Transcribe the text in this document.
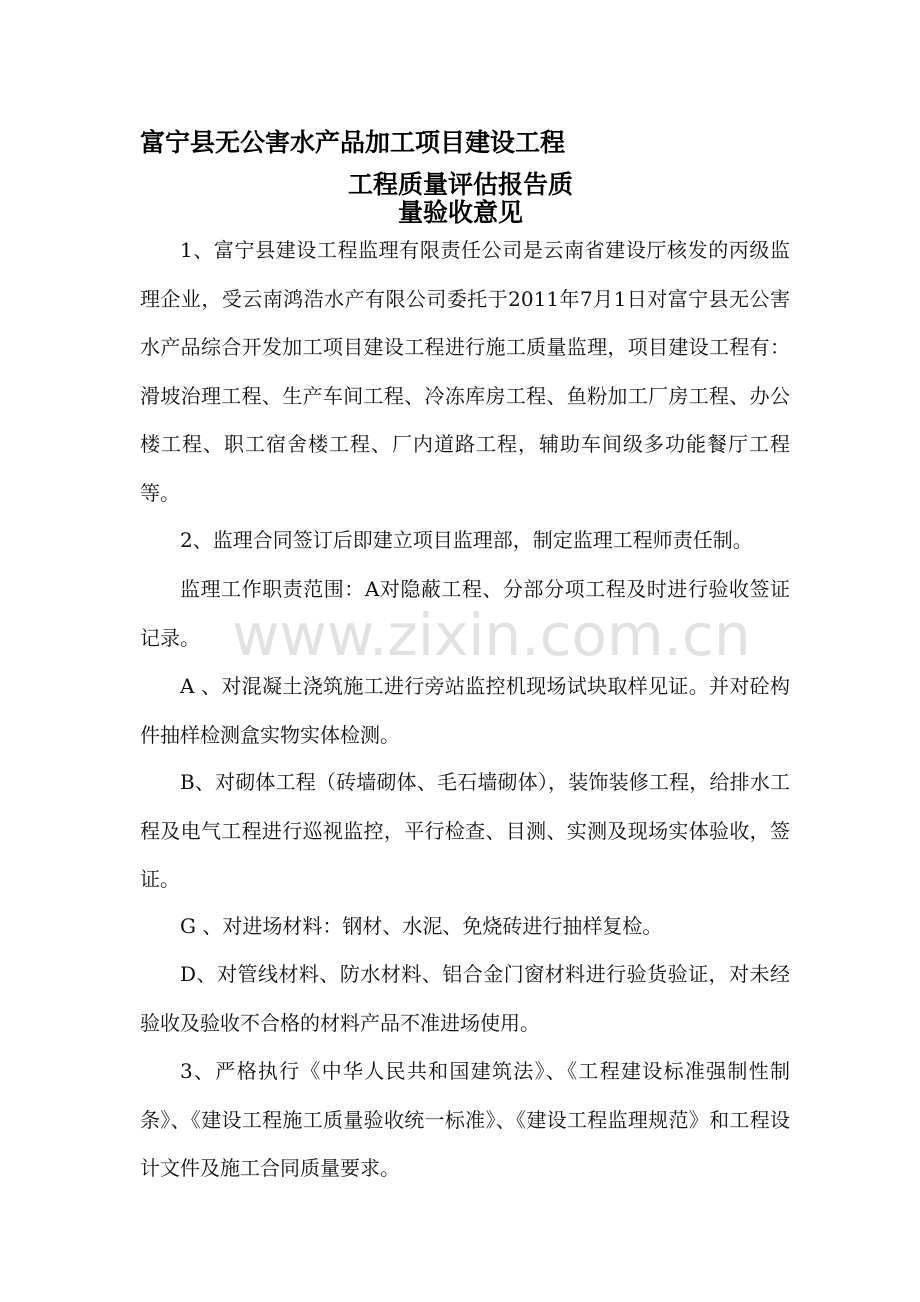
富宁县无公害水产品加工项目建设工程
工程质量评估报告质
量验收意见

1、富宁县建设工程监理有限责任公司是云南省建设厅核发的丙级监理企业，受云南鸿浩水产有限公司委托于2011年7月1日对富宁县无公害水产品综合开发加工项目建设工程进行施工质量监理，项目建设工程有：滑坡治理工程、生产车间工程、冷冻库房工程、鱼粉加工厂房工程、办公楼工程、职工宿舍楼工程、厂内道路工程，辅助车间级多功能餐厅工程等。

2、监理合同签订后即建立项目监理部，制定监理工程师责任制。

监理工作职责范围：A对隐蔽工程、分部分项工程及时进行验收签证记录。

A 、对混凝土浇筑施工进行旁站监控机现场试块取样见证。并对砼构件抽样检测盒实物实体检测。

B、对砌体工程（砖墙砌体、毛石墙砌体），装饰装修工程，给排水工程及电气工程进行巡视监控，平行检查、目测、实测及现场实体验收，签证。

G 、对进场材料：钢材、水泥、免烧砖进行抽样复检。

D、对管线材料、防水材料、铝合金门窗材料进行验货验证，对未经验收及验收不合格的材料产品不准进场使用。

3、严格执行《中华人民共和国建筑法》、《工程建设标准强制性制条》、《建设工程施工质量验收统一标准》、《建设工程监理规范》和工程设计文件及施工合同质量要求。

www.zixin.com.cn
